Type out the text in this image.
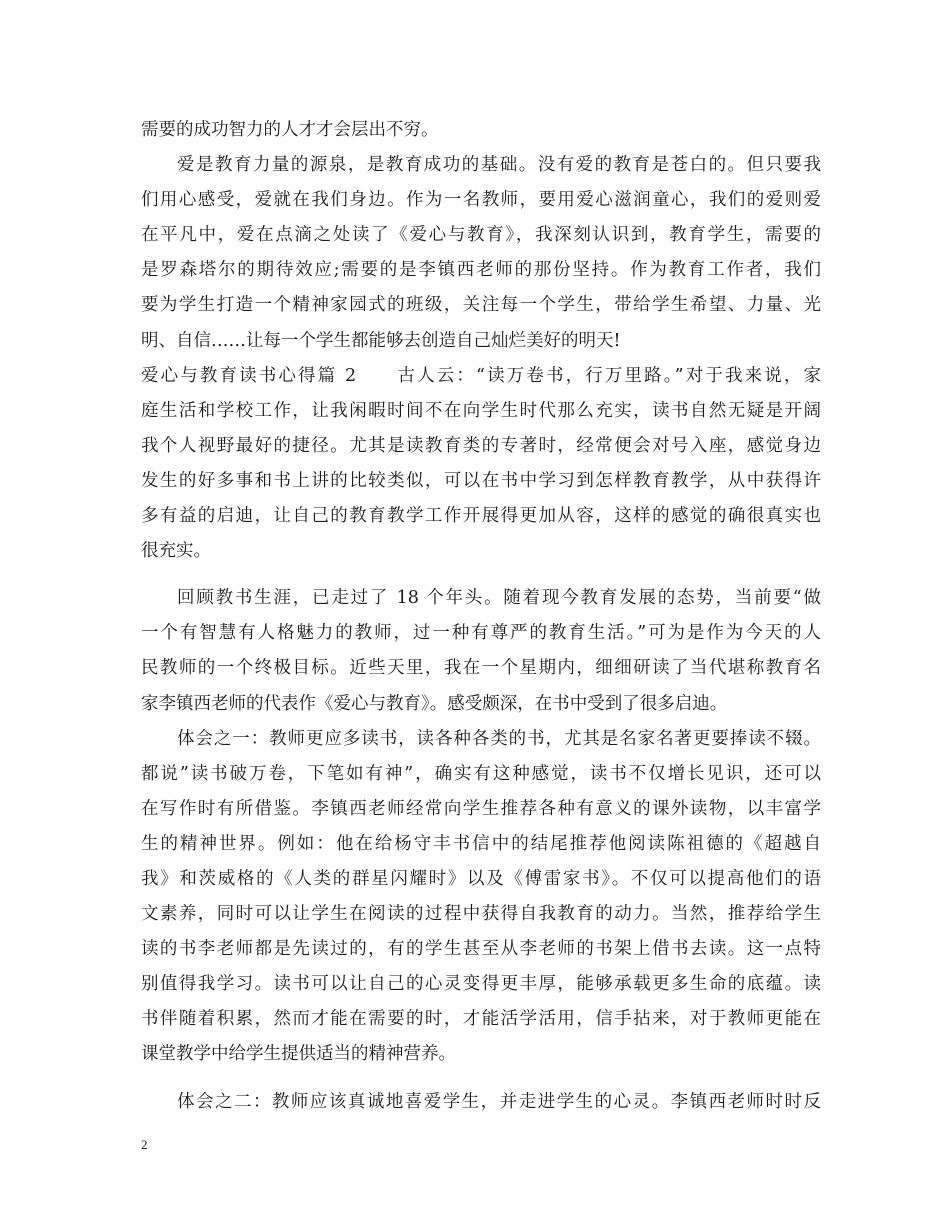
需要的成功智力的人才才会层出不穷。
爱是教育力量的源泉，是教育成功的基础。没有爱的教育是苍白的。但只要我
们用心感受，爱就在我们身边。作为一名教师，要用爱心滋润童心，我们的爱则爱
在平凡中，爱在点滴之处读了《爱心与教育》，我深刻认识到，教育学生，需要的
是罗森塔尔的期待效应;需要的是李镇西老师的那份坚持。作为教育工作者，我们
要为学生打造一个精神家园式的班级，关注每一个学生，带给学生希望、力量、光
明、自信……让每一个学生都能够去创造自己灿烂美好的明天!
爱心与教育读书心得篇 2　　古人云：“读万卷书，行万里路。”对于我来说，家
庭生活和学校工作，让我闲暇时间不在向学生时代那么充实，读书自然无疑是开阔
我个人视野最好的捷径。尤其是读教育类的专著时，经常便会对号入座，感觉身边
发生的好多事和书上讲的比较类似，可以在书中学习到怎样教育教学，从中获得许
多有益的启迪，让自己的教育教学工作开展得更加从容，这样的感觉的确很真实也
很充实。
回顾教书生涯，已走过了 18 个年头。随着现今教育发展的态势，当前要“做
一个有智慧有人格魅力的教师，过一种有尊严的教育生活。”可为是作为今天的人
民教师的一个终极目标。近些天里，我在一个星期内，细细研读了当代堪称教育名
家李镇西老师的代表作《爱心与教育》。感受颇深，在书中受到了很多启迪。
体会之一：教师更应多读书，读各种各类的书，尤其是名家名著更要捧读不辍。
都说”读书破万卷，下笔如有神”，确实有这种感觉，读书不仅增长见识，还可以
在写作时有所借鉴。李镇西老师经常向学生推荐各种有意义的课外读物，以丰富学
生的精神世界。例如：他在给杨守丰书信中的结尾推荐他阅读陈祖德的《超越自
我》和茨威格的《人类的群星闪耀时》以及《傅雷家书》。不仅可以提高他们的语
文素养，同时可以让学生在阅读的过程中获得自我教育的动力。当然，推荐给学生
读的书李老师都是先读过的，有的学生甚至从李老师的书架上借书去读。这一点特
别值得我学习。读书可以让自己的心灵变得更丰厚，能够承载更多生命的底蕴。读
书伴随着积累，然而才能在需要的时，才能活学活用，信手拈来，对于教师更能在
课堂教学中给学生提供适当的精神营养。
体会之二：教师应该真诚地喜爱学生，并走进学生的心灵。李镇西老师时时反
2
